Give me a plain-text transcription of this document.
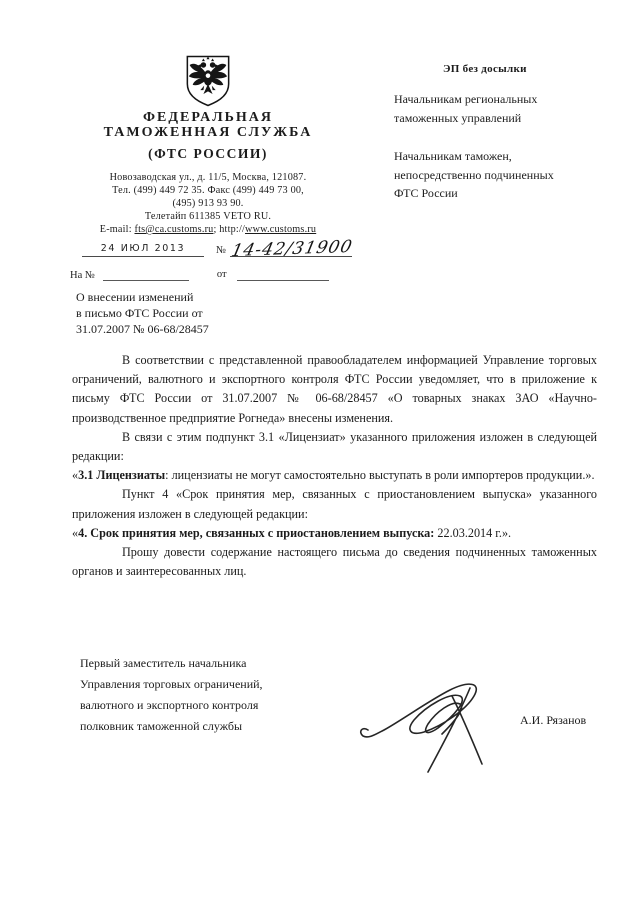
ФЕДЕРАЛЬНАЯ
ТАМОЖЕННАЯ СЛУЖБА
(ФТС РОССИИ)
Новозаводская ул., д. 11/5, Москва, 121087.
Тел. (499) 449 72 35. Факс (499) 449 73 00,
(495) 913 93 90.
Телетайп 611385 VETO RU.
E-mail: fts@ca.customs.ru; http://www.customs.ru
ЭП без досылки
Начальникам региональных
таможенных управлений
Начальникам таможен,
непосредственно подчиненных
ФТС России
24 ИЮЛ 2013	№ 14-42/31900
На №	от
О внесении изменений
в письмо ФТС России от
31.07.2007 № 06-68/28457

В соответствии с представленной правообладателем информацией Управление торговых ограничений, валютного и экспортного контроля ФТС России уведомляет, что в приложение к письму ФТС России от 31.07.2007 № 06-68/28457 «О товарных знаках ЗАО «Научно-производственное предприятие Рогнеда» внесены изменения.

В связи с этим подпункт 3.1 «Лицензиат» указанного приложения изложен в следующей редакции:

«3.1 Лицензиаты: лицензиаты не могут самостоятельно выступать в роли импортеров продукции.».

Пункт 4 «Срок принятия мер, связанных с приостановлением выпуска» указанного приложения изложен в следующей редакции:

«4. Срок принятия мер, связанных с приостановлением выпуска: 22.03.2014 г.».

Прошу довести содержание настоящего письма до сведения подчиненных таможенных органов и заинтересованных лиц.

Первый заместитель начальника
Управления торговых ограничений,
валютного и экспортного контроля
полковник таможенной службы	А.И. Рязанов
